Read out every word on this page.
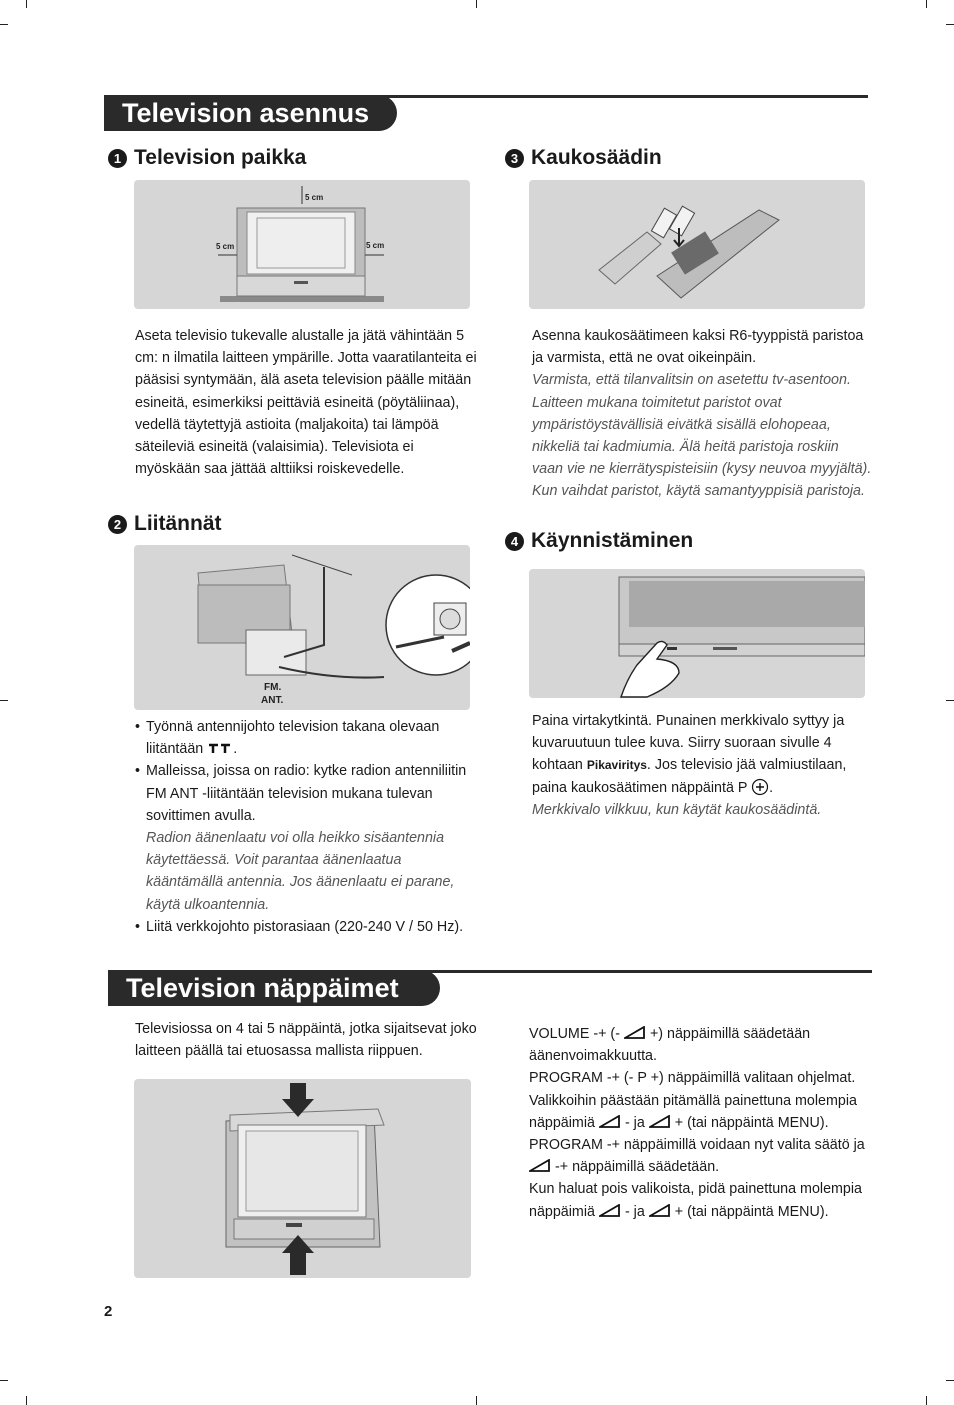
Television asennus
1 Television paikka
5 cm
5 cm	5 cm
Aseta televisio tukevalle alustalle ja jätä vähintään 5 cm: n ilmatila laitteen ympärille. Jotta vaaratilanteita ei pääsisi syntymään, älä aseta television päälle mitään esineitä, esimerkiksi peittäviä esineitä (pöytäliinaa), vedellä täytettyjä astioita (maljakoita) tai lämpöä säteileviä esineitä (valaisimia). Televisiota ei myöskään saa jättää alttiiksi roiskevedelle.
2 Liitännät
FM.
ANT.
• Työnnä antennijohto television takana olevaan liitäntään .
• Malleissa, joissa on radio: kytke radion antenniliitin FM ANT -liitäntään television mukana tulevan sovittimen avulla.
Radion äänenlaatu voi olla heikko sisäantennia käytettäessä. Voit parantaa äänenlaatua kääntämällä antennia. Jos äänenlaatu ei parane, käytä ulkoantennia.
• Liitä verkkojohto pistorasiaan (220-240 V / 50 Hz).
3 Kaukosäädin
Asenna kaukosäätimeen kaksi R6-tyyppistä paristoa ja varmista, että ne ovat oikeinpäin.
Varmista, että tilanvalitsin on asetettu tv-asentoon. Laitteen mukana toimitetut paristot ovat ympäristöystävällisiä eivätkä sisällä elohopeaa, nikkeliä tai kadmiumia. Älä heitä paristoja roskiin vaan vie ne kierrätyspisteisiin (kysy neuvoa myyjältä). Kun vaihdat paristot, käytä samantyyppisiä paristoja.
4 Käynnistäminen
Paina virtakytkintä. Punainen merkkivalo syttyy ja kuvaruutuun tulee kuva. Siirry suoraan sivulle 4 kohtaan Pikaviritys. Jos televisio jää valmiustilaan, paina kaukosäätimen näppäintä P .
Merkkivalo vilkkuu, kun käytät kaukosäädintä.
Television näppäimet
Televisiossa on 4 tai 5 näppäintä, jotka sijaitsevat joko laitteen päällä tai etuosassa mallista riippuen.
VOLUME -+ (- +) näppäimillä säädetään äänenvoimakkuutta.
PROGRAM -+ (- P +) näppäimillä valitaan ohjelmat. Valikkoihin päästään pitämällä painettuna molempia näppäimiä - ja + (tai näppäintä MENU).
PROGRAM -+ näppäimillä voidaan nyt valita säätö ja  -+ näppäimillä säädetään.
Kun haluat pois valikoista, pidä painettuna molempia näppäimiä - ja + (tai näppäintä MENU).
2
